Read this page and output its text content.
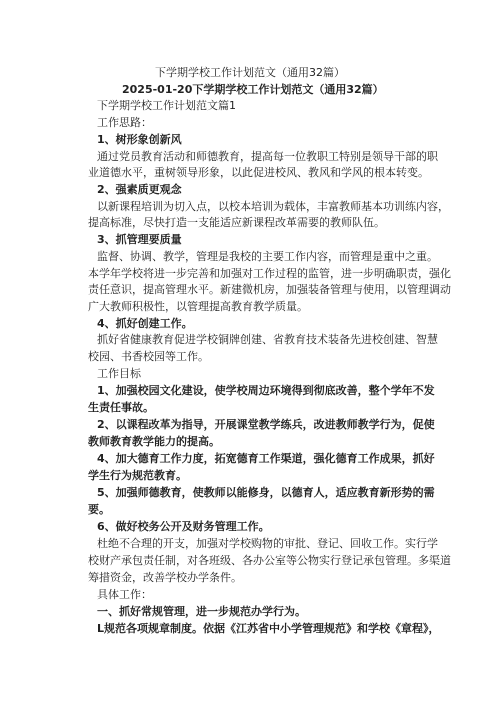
下学期学校工作计划范文（通用32篇）
2025-01-20下学期学校工作计划范文（通用32篇）
下学期学校工作计划范文篇1
工作思路：
1、树形象创新风
通过党员教育活动和师德教育，提高每一位教职工特别是领导干部的职
业道德水平，重树领导形象，以此促进校风、教风和学风的根本转变。
2、强素质更观念
以新课程培训为切入点，以校本培训为载体，丰富教师基本功训练内容，
提高标准，尽快打造一支能适应新课程改革需要的教师队伍。
3、抓管理要质量
监督、协调、教学，管理是我校的主要工作内容，而管理是重中之重。
本学年学校将进一步完善和加强对工作过程的监管，进一步明确职责，强化
责任意识，提高管理水平。新建微机房，加强装备管理与使用，以管理调动
广大教师积极性，以管理提高教育教学质量。
4、抓好创建工作。
抓好省健康教育促进学校铜牌创建、省教育技术装备先进校创建、智慧
校园、书香校园等工作。
工作目标
1、加强校园文化建设，使学校周边环境得到彻底改善，整个学年不发
生责任事故。
2、以课程改革为指导，开展课堂教学练兵，改进教师教学行为，促使
教师教育教学能力的提高。
4、加大德育工作力度，拓宽德育工作渠道，强化德育工作成果，抓好
学生行为规范教育。
5、加强师德教育，使教师以能修身，以德育人，适应教育新形势的需
要。
6、做好校务公开及财务管理工作。
杜绝不合理的开支，加强对学校购物的审批、登记、回收工作。实行学
校财产承包责任制，对各班级、各办公室等公物实行登记承包管理。多渠道
筹措资金，改善学校办学条件。
具体工作：
一、抓好常规管理，进一步规范办学行为。
L规范各项规章制度。依据《江苏省中小学管理规范》和学校《章程》，
